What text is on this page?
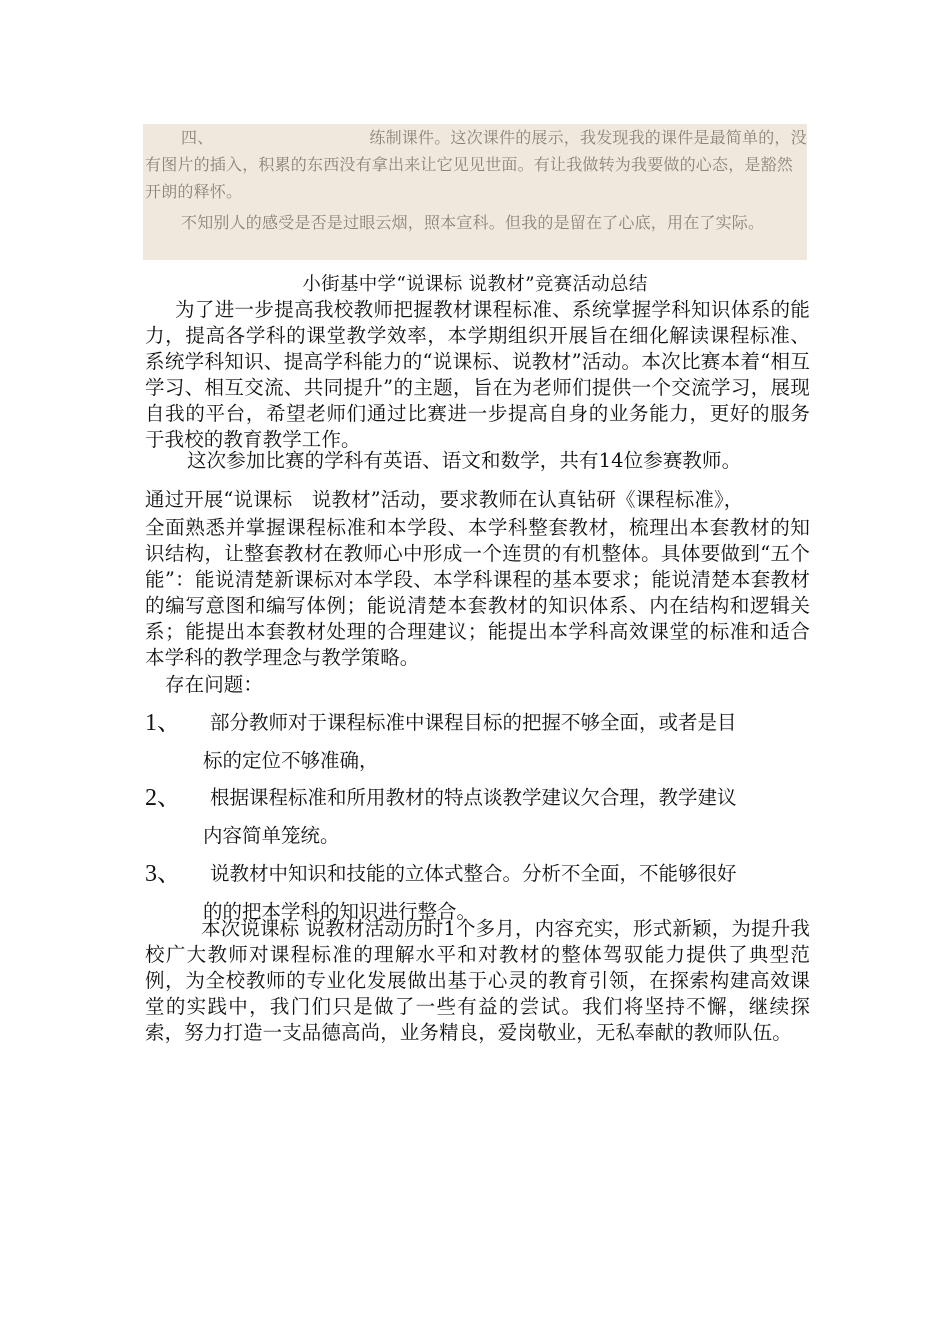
四、	练制课件。这次课件的展示，我发现我的课件是最简单的，没有图片的插入，积累的东西没有拿出来让它见见世面。有让我做转为我要做的心态，是豁然开朗的释怀。
不知别人的感受是否是过眼云烟，照本宣科。但我的是留在了心底，用在了实际。
小街基中学“说课标 说教材”竞赛活动总结
为了进一步提高我校教师把握教材课程标准、系统掌握学科知识体系的能力，提高各学科的课堂教学效率，本学期组织开展旨在细化解读课程标准、系统学科知识、提高学科能力的“说课标、说教材”活动。本次比赛本着“相互学习、相互交流、共同提升”的主题，旨在为老师们提供一个交流学习，展现自我的平台，希望老师们通过比赛进一步提高自身的业务能力，更好的服务于我校的教育教学工作。
这次参加比赛的学科有英语、语文和数学，共有14位参赛教师。
通过开展“说课标　说教材”活动，要求教师在认真钻研《课程标准》，
全面熟悉并掌握课程标准和本学段、本学科整套教材，梳理出本套教材的知识结构，让整套教材在教师心中形成一个连贯的有机整体。具体要做到“五个能”：能说清楚新课标对本学段、本学科课程的基本要求；能说清楚本套教材的编写意图和编写体例；能说清楚本套教材的知识体系、内在结构和逻辑关系；能提出本套教材处理的合理建议；能提出本学科高效课堂的标准和适合本学科的教学理念与教学策略。
存在问题：
1、 部分教师对于课程标准中课程目标的把握不够全面，或者是目
标的定位不够准确，
2、 根据课程标准和所用教材的特点谈教学建议欠合理，教学建议
内容简单笼统。
3、 说教材中知识和技能的立体式整合。分析不全面，不能够很好
的的把本学科的知识进行整合。
本次说课标 说教材活动历时1个多月，内容充实，形式新颖，为提升我校广大教师对课程标准的理解水平和对教材的整体驾驭能力提供了典型范例，为全校教师的专业化发展做出基于心灵的教育引领，在探索构建高效课堂的实践中，我门们只是做了一些有益的尝试。我们将坚持不懈，继续探索，努力打造一支品德高尚，业务精良，爱岗敬业，无私奉献的教师队伍。
